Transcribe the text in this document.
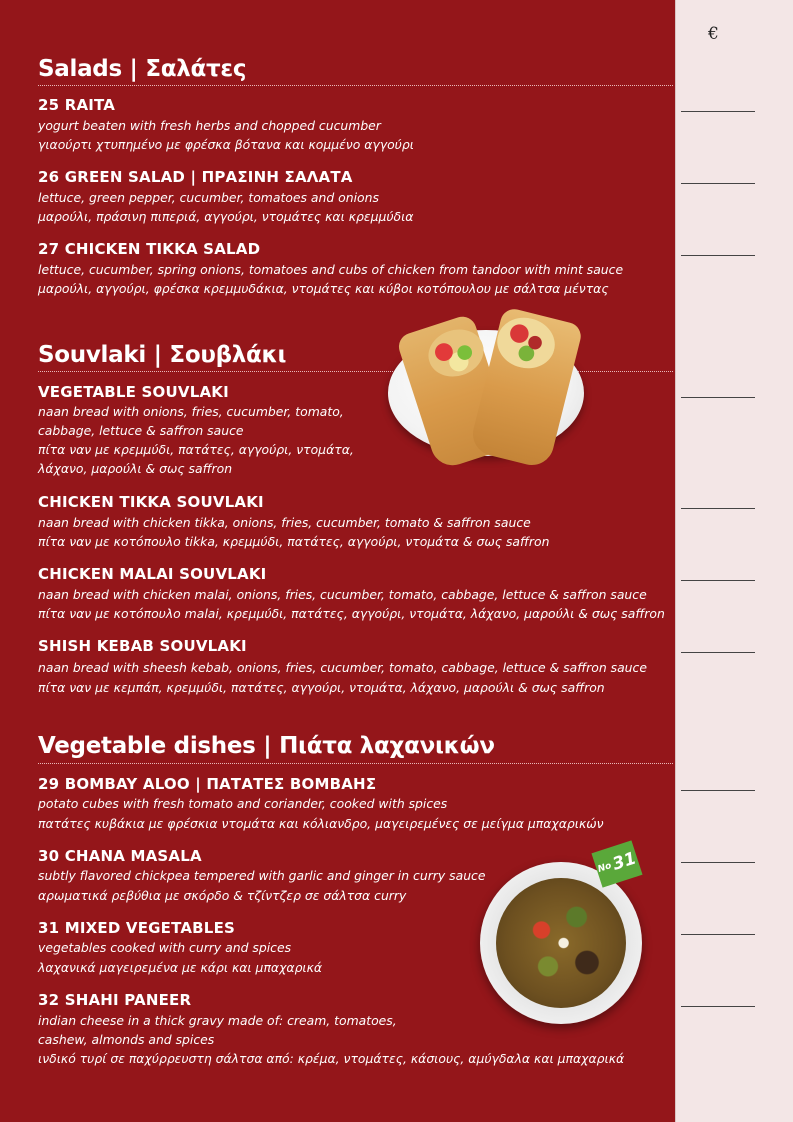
€
Salads | Σαλάτες
25 RAITA
yogurt beaten with fresh herbs and chopped cucumber
γιαούρτι χτυπημένο με φρέσκα βότανα και κομμένο αγγούρι
26 GREEN SALAD | ΠΡΑΣΙΝΗ ΣΑΛΑΤΑ
lettuce, green pepper, cucumber, tomatoes and onions
μαρούλι, πράσινη πιπεριά, αγγούρι, ντομάτες και κρεμμύδια
27 CHICKEN TIKKA SALAD
lettuce, cucumber, spring onions, tomatoes and cubs of chicken from tandoor with mint sauce
μαρούλι, αγγούρι, φρέσκα κρεμμυδάκια, ντομάτες και κύβοι κοτόπουλου με σάλτσα μέντας
Souvlaki | Σουβλάκι
VEGETABLE SOUVLAKI
naan bread with onions, fries, cucumber, tomato,
cabbage, lettuce & saffron sauce
πίτα ναν με κρεμμύδι, πατάτες, αγγούρι, ντομάτα,
λάχανο, μαρούλι & σως saffron
CHICKEN TIKKA SOUVLAKI
naan bread with chicken tikka, onions, fries, cucumber, tomato & saffron sauce
πίτα ναν με κοτόπουλο tikka, κρεμμύδι, πατάτες, αγγούρι, ντομάτα & σως saffron
CHICKEN MALAI SOUVLAKI
naan bread with chicken malai, onions, fries, cucumber, tomato, cabbage, lettuce & saffron sauce
πίτα ναν με κοτόπουλο malai, κρεμμύδι, πατάτες, αγγούρι, ντομάτα, λάχανο, μαρούλι & σως saffron
SHISH KEBAB SOUVLAKI
naan bread with sheesh kebab, onions, fries, cucumber, tomato, cabbage, lettuce & saffron sauce
πίτα ναν με κεμπάπ, κρεμμύδι, πατάτες, αγγούρι, ντομάτα, λάχανο, μαρούλι & σως saffron
Vegetable dishes | Πιάτα λαχανικών
29 BOMBAY ALOO | ΠΑΤΑΤΕΣ ΒΟΜΒΑΗΣ
potato cubes with fresh tomato and coriander, cooked with spices
πατάτες κυβάκια με φρέσκια ντομάτα και κόλιανδρο, μαγειρεμένες σε μείγμα μπαχαρικών
30 CHANA MASALA
subtly flavored chickpea tempered with garlic and ginger in curry sauce
αρωματικά ρεβύθια με σκόρδο & τζίντζερ σε σάλτσα curry
31 MIXED VEGETABLES
vegetables cooked with curry and spices
λαχανικά μαγειρεμένα με κάρι και μπαχαρικά
32 SHAHI PANEER
indian cheese in a thick gravy made of: cream, tomatoes,
cashew, almonds and spices
ινδικό τυρί σε παχύρρευστη σάλτσα από: κρέμα, ντομάτες, κάσιους, αμύγδαλα και μπαχαρικά
No
31
